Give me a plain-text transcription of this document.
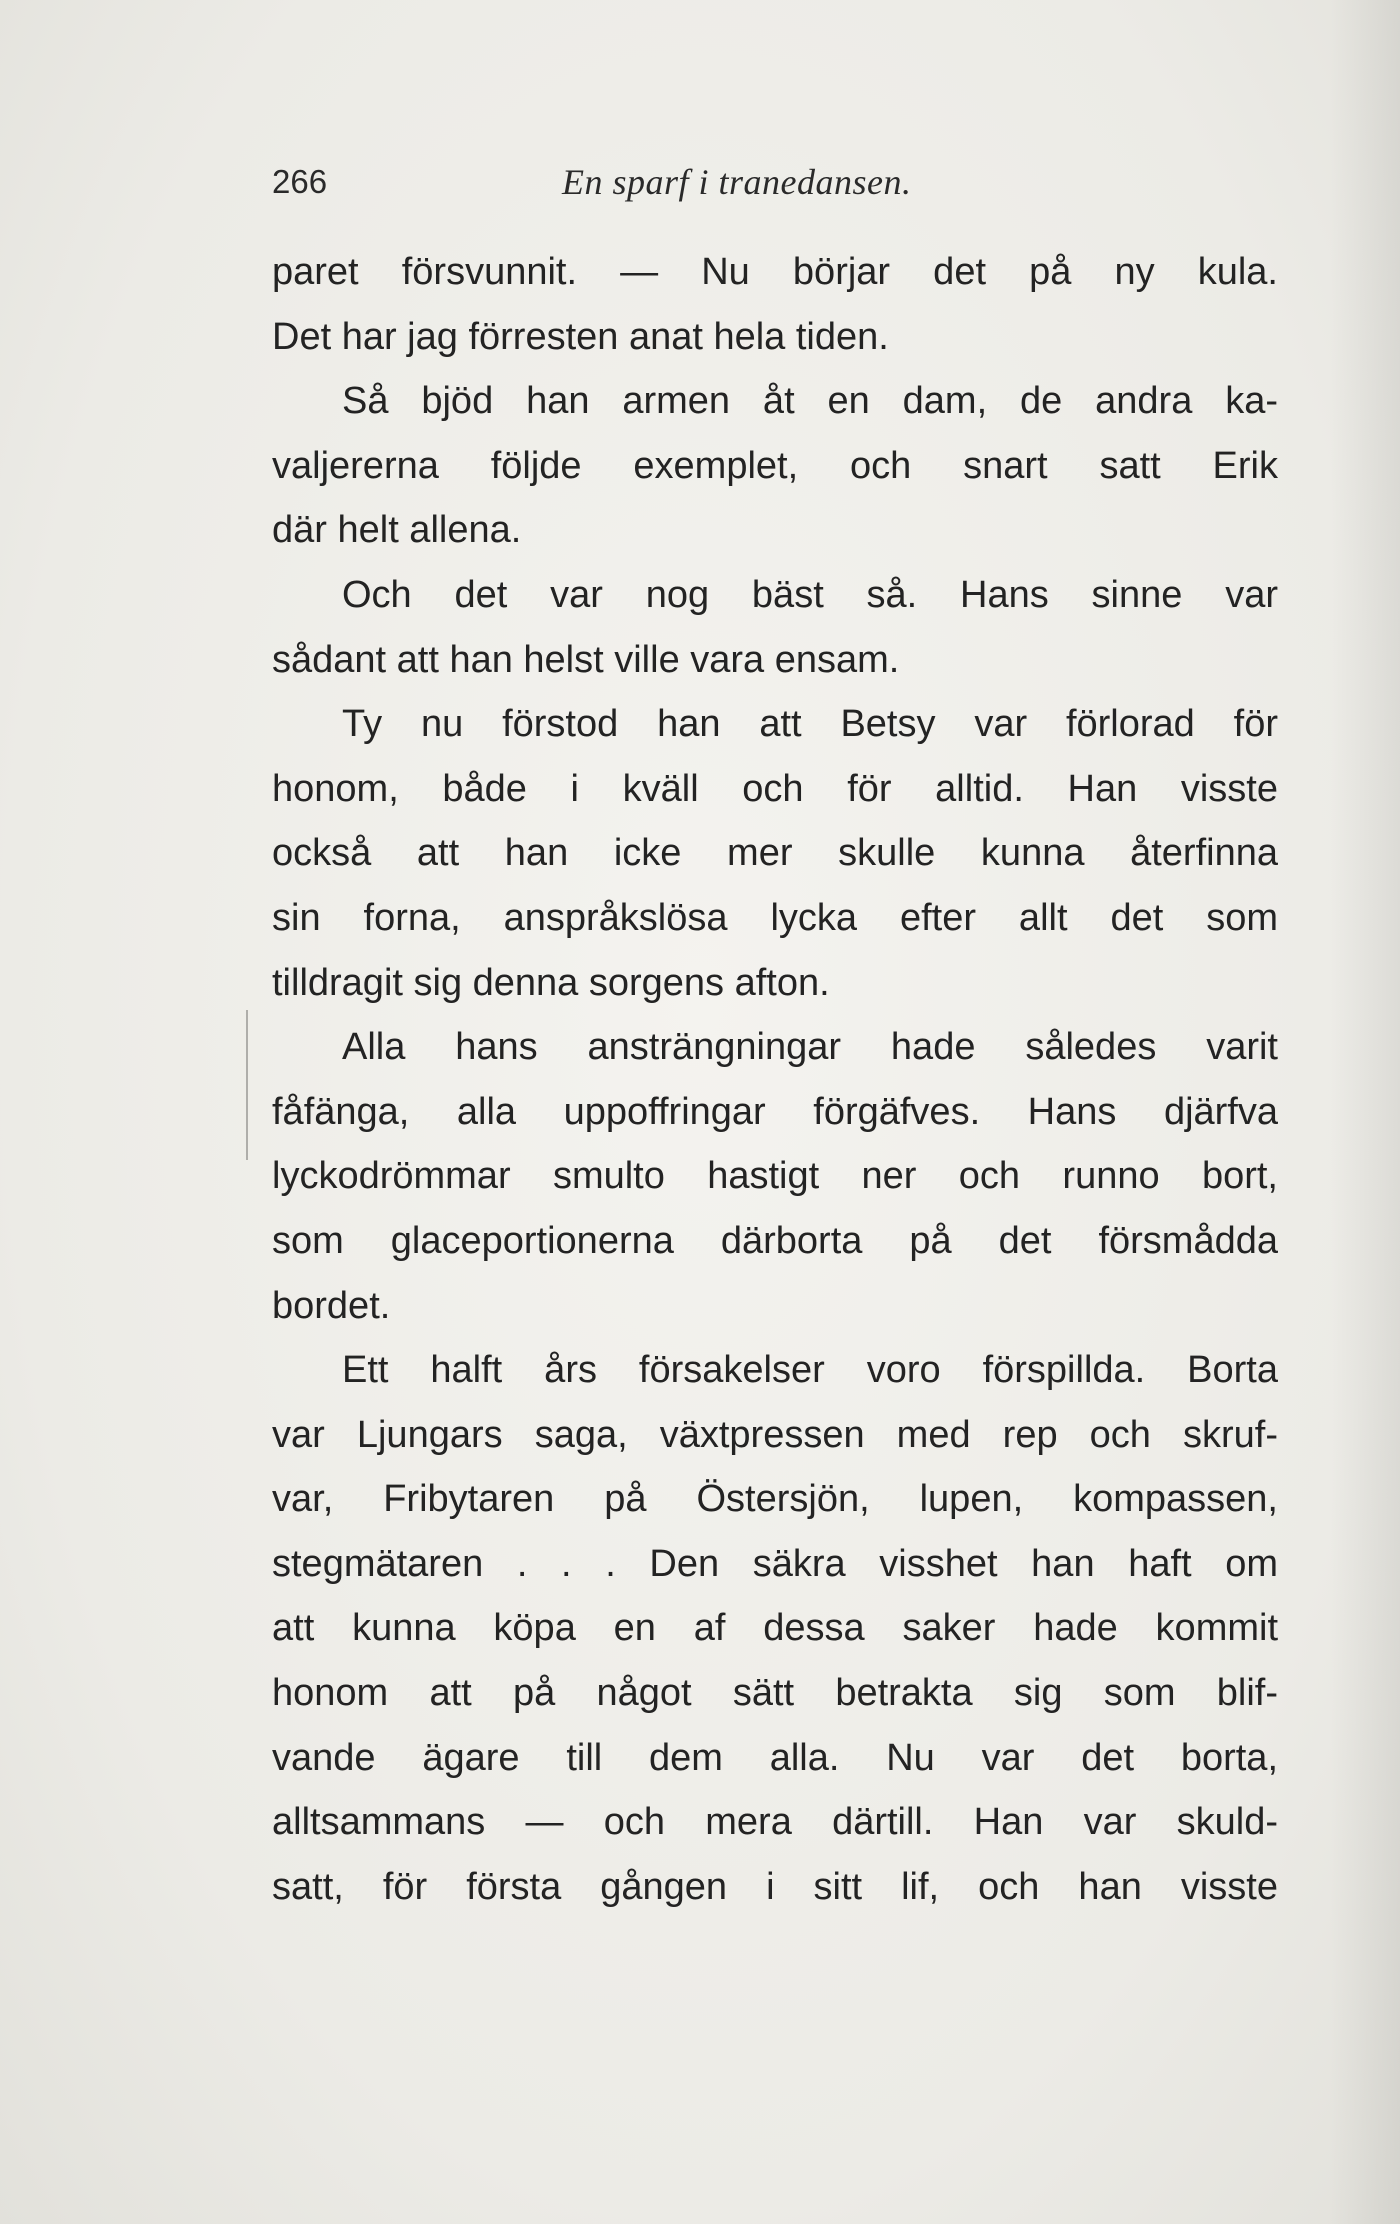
266	En sparf i tranedansen.
paret försvunnit. — Nu börjar det på ny kula.
Det har jag förresten anat hela tiden.
Så bjöd han armen åt en dam, de andra ka-
valjererna följde exemplet, och snart satt Erik
där helt allena.
Och det var nog bäst så. Hans sinne var
sådant att han helst ville vara ensam.
Ty nu förstod han att Betsy var förlorad för
honom, både i kväll och för alltid. Han visste
också att han icke mer skulle kunna återfinna
sin forna, anspråkslösa lycka efter allt det som
tilldragit sig denna sorgens afton.
Alla hans ansträngningar hade således varit
fåfänga, alla uppoffringar förgäfves. Hans djärfva
lyckodrömmar smulto hastigt ner och runno bort,
som glaceportionerna därborta på det försmådda
bordet.
Ett halft års försakelser voro förspillda. Borta
var Ljungars saga, växtpressen med rep och skruf-
var, Fribytaren på Östersjön, lupen, kompassen,
stegmätaren . . . Den säkra visshet han haft om
att kunna köpa en af dessa saker hade kommit
honom att på något sätt betrakta sig som blif-
vande ägare till dem alla. Nu var det borta,
alltsammans — och mera därtill. Han var skuld-
satt, för första gången i sitt lif, och han visste
